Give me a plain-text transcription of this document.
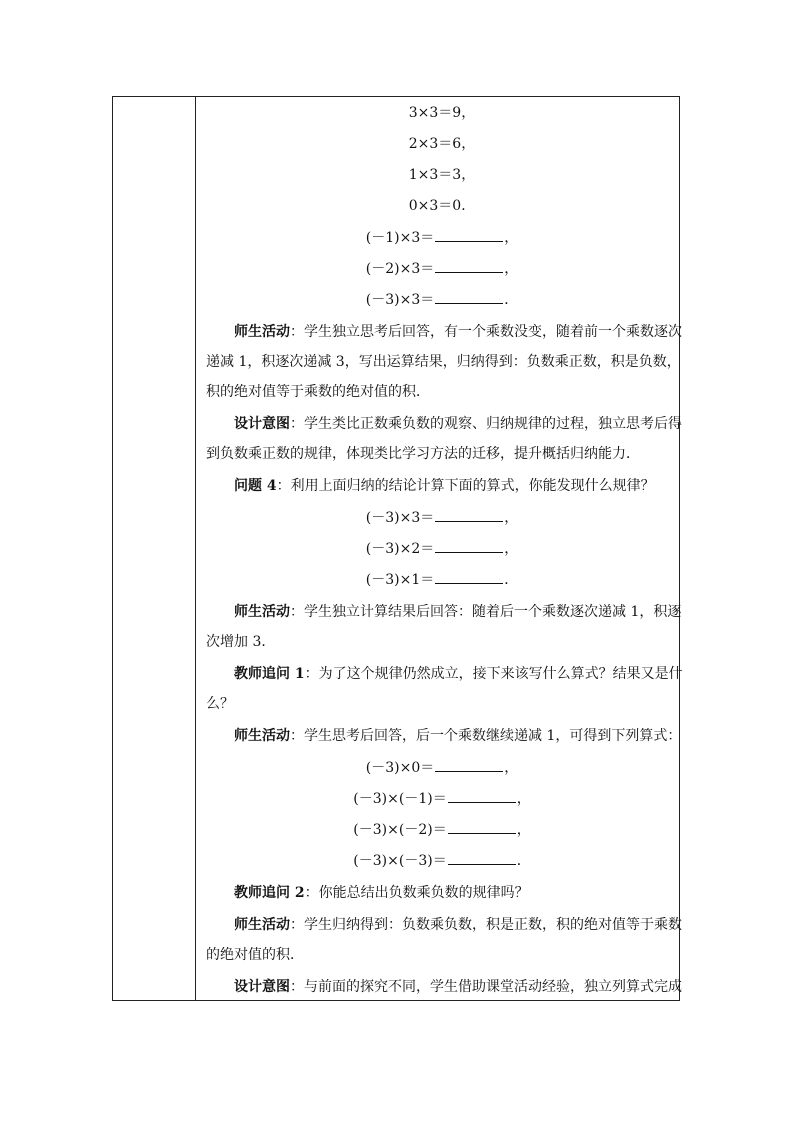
3×3＝9，
2×3＝6，
1×3＝3，
0×3＝0．
(－1)×3＝	，
(－2)×3＝	，
(－3)×3＝	．
师生活动：学生独立思考后回答，有一个乘数没变，随着前一个乘数逐次
递减 1，积逐次递减 3，写出运算结果，归纳得到：负数乘正数，积是负数，
积的绝对值等于乘数的绝对值的积．
设计意图：学生类比正数乘负数的观察、归纳规律的过程，独立思考后得
到负数乘正数的规律，体现类比学习方法的迁移，提升概括归纳能力．
问题 4：利用上面归纳的结论计算下面的算式，你能发现什么规律？
(－3)×3＝	，
(－3)×2＝	，
(－3)×1＝	．
师生活动：学生独立计算结果后回答：随着后一个乘数逐次递减 1，积逐
次增加 3．
教师追问 1：为了这个规律仍然成立，接下来该写什么算式？结果又是什
么？
师生活动：学生思考后回答，后一个乘数继续递减 1，可得到下列算式：
(－3)×0＝	，
(－3)×(－1)＝	，
(－3)×(－2)＝	，
(－3)×(－3)＝	．
教师追问 2：你能总结出负数乘负数的规律吗？
师生活动：学生归纳得到：负数乘负数，积是正数，积的绝对值等于乘数
的绝对值的积．
设计意图：与前面的探究不同，学生借助课堂活动经验，独立列算式完成
